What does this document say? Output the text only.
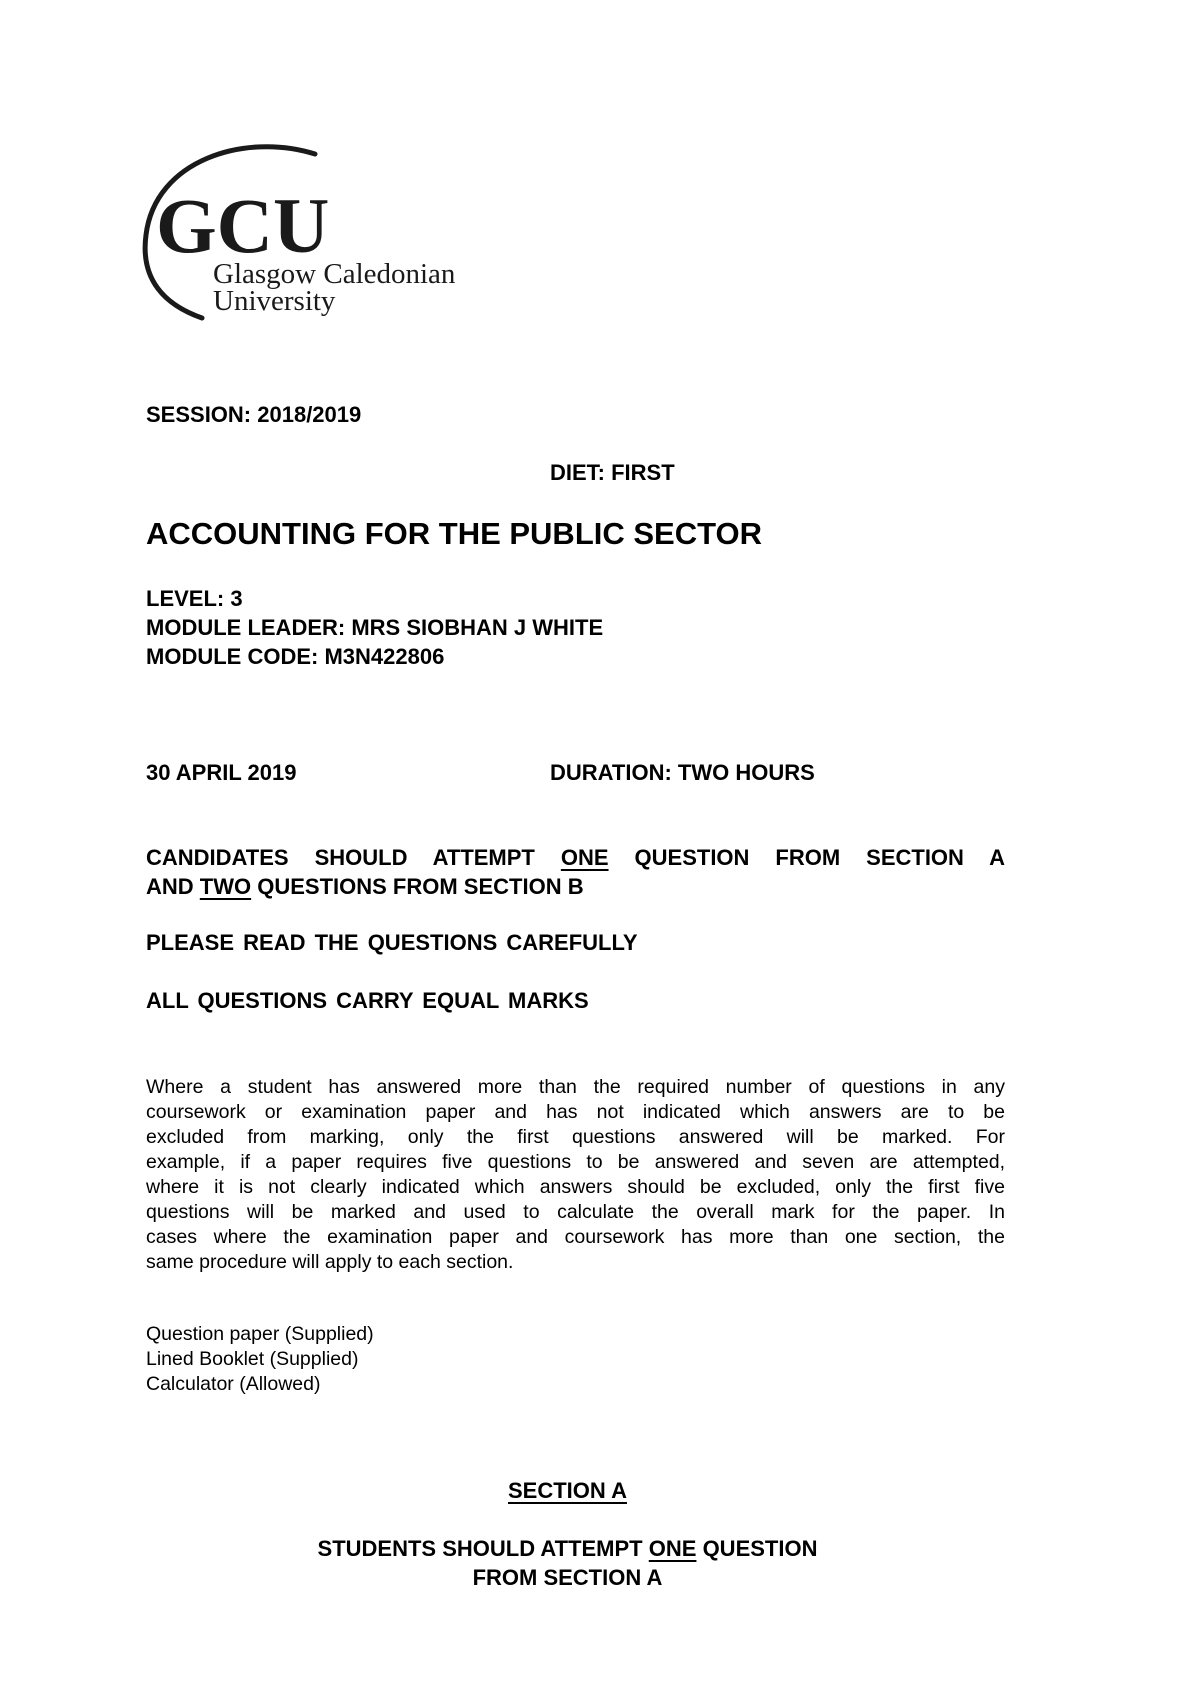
GCU
Glasgow Caledonian
University
SESSION: 2018/2019
DIET: FIRST
ACCOUNTING FOR THE PUBLIC SECTOR
LEVEL: 3
MODULE LEADER: MRS SIOBHAN J WHITE
MODULE CODE: M3N422806
30 APRIL 2019	DURATION: TWO HOURS
CANDIDATES SHOULD ATTEMPT ONE QUESTION FROM SECTION A
AND TWO QUESTIONS FROM SECTION B
PLEASE READ THE QUESTIONS CAREFULLY
ALL QUESTIONS CARRY EQUAL MARKS
Where a student has answered more than the required number of questions in any
coursework or examination paper and has not indicated which answers are to be
excluded from marking, only the first questions answered will be marked. For
example, if a paper requires five questions to be answered and seven are attempted,
where it is not clearly indicated which answers should be excluded, only the first five
questions will be marked and used to calculate the overall mark for the paper. In
cases where the examination paper and coursework has more than one section, the
same procedure will apply to each section.
Question paper (Supplied)
Lined Booklet (Supplied)
Calculator (Allowed)
SECTION A
STUDENTS SHOULD ATTEMPT ONE QUESTION
FROM SECTION A
